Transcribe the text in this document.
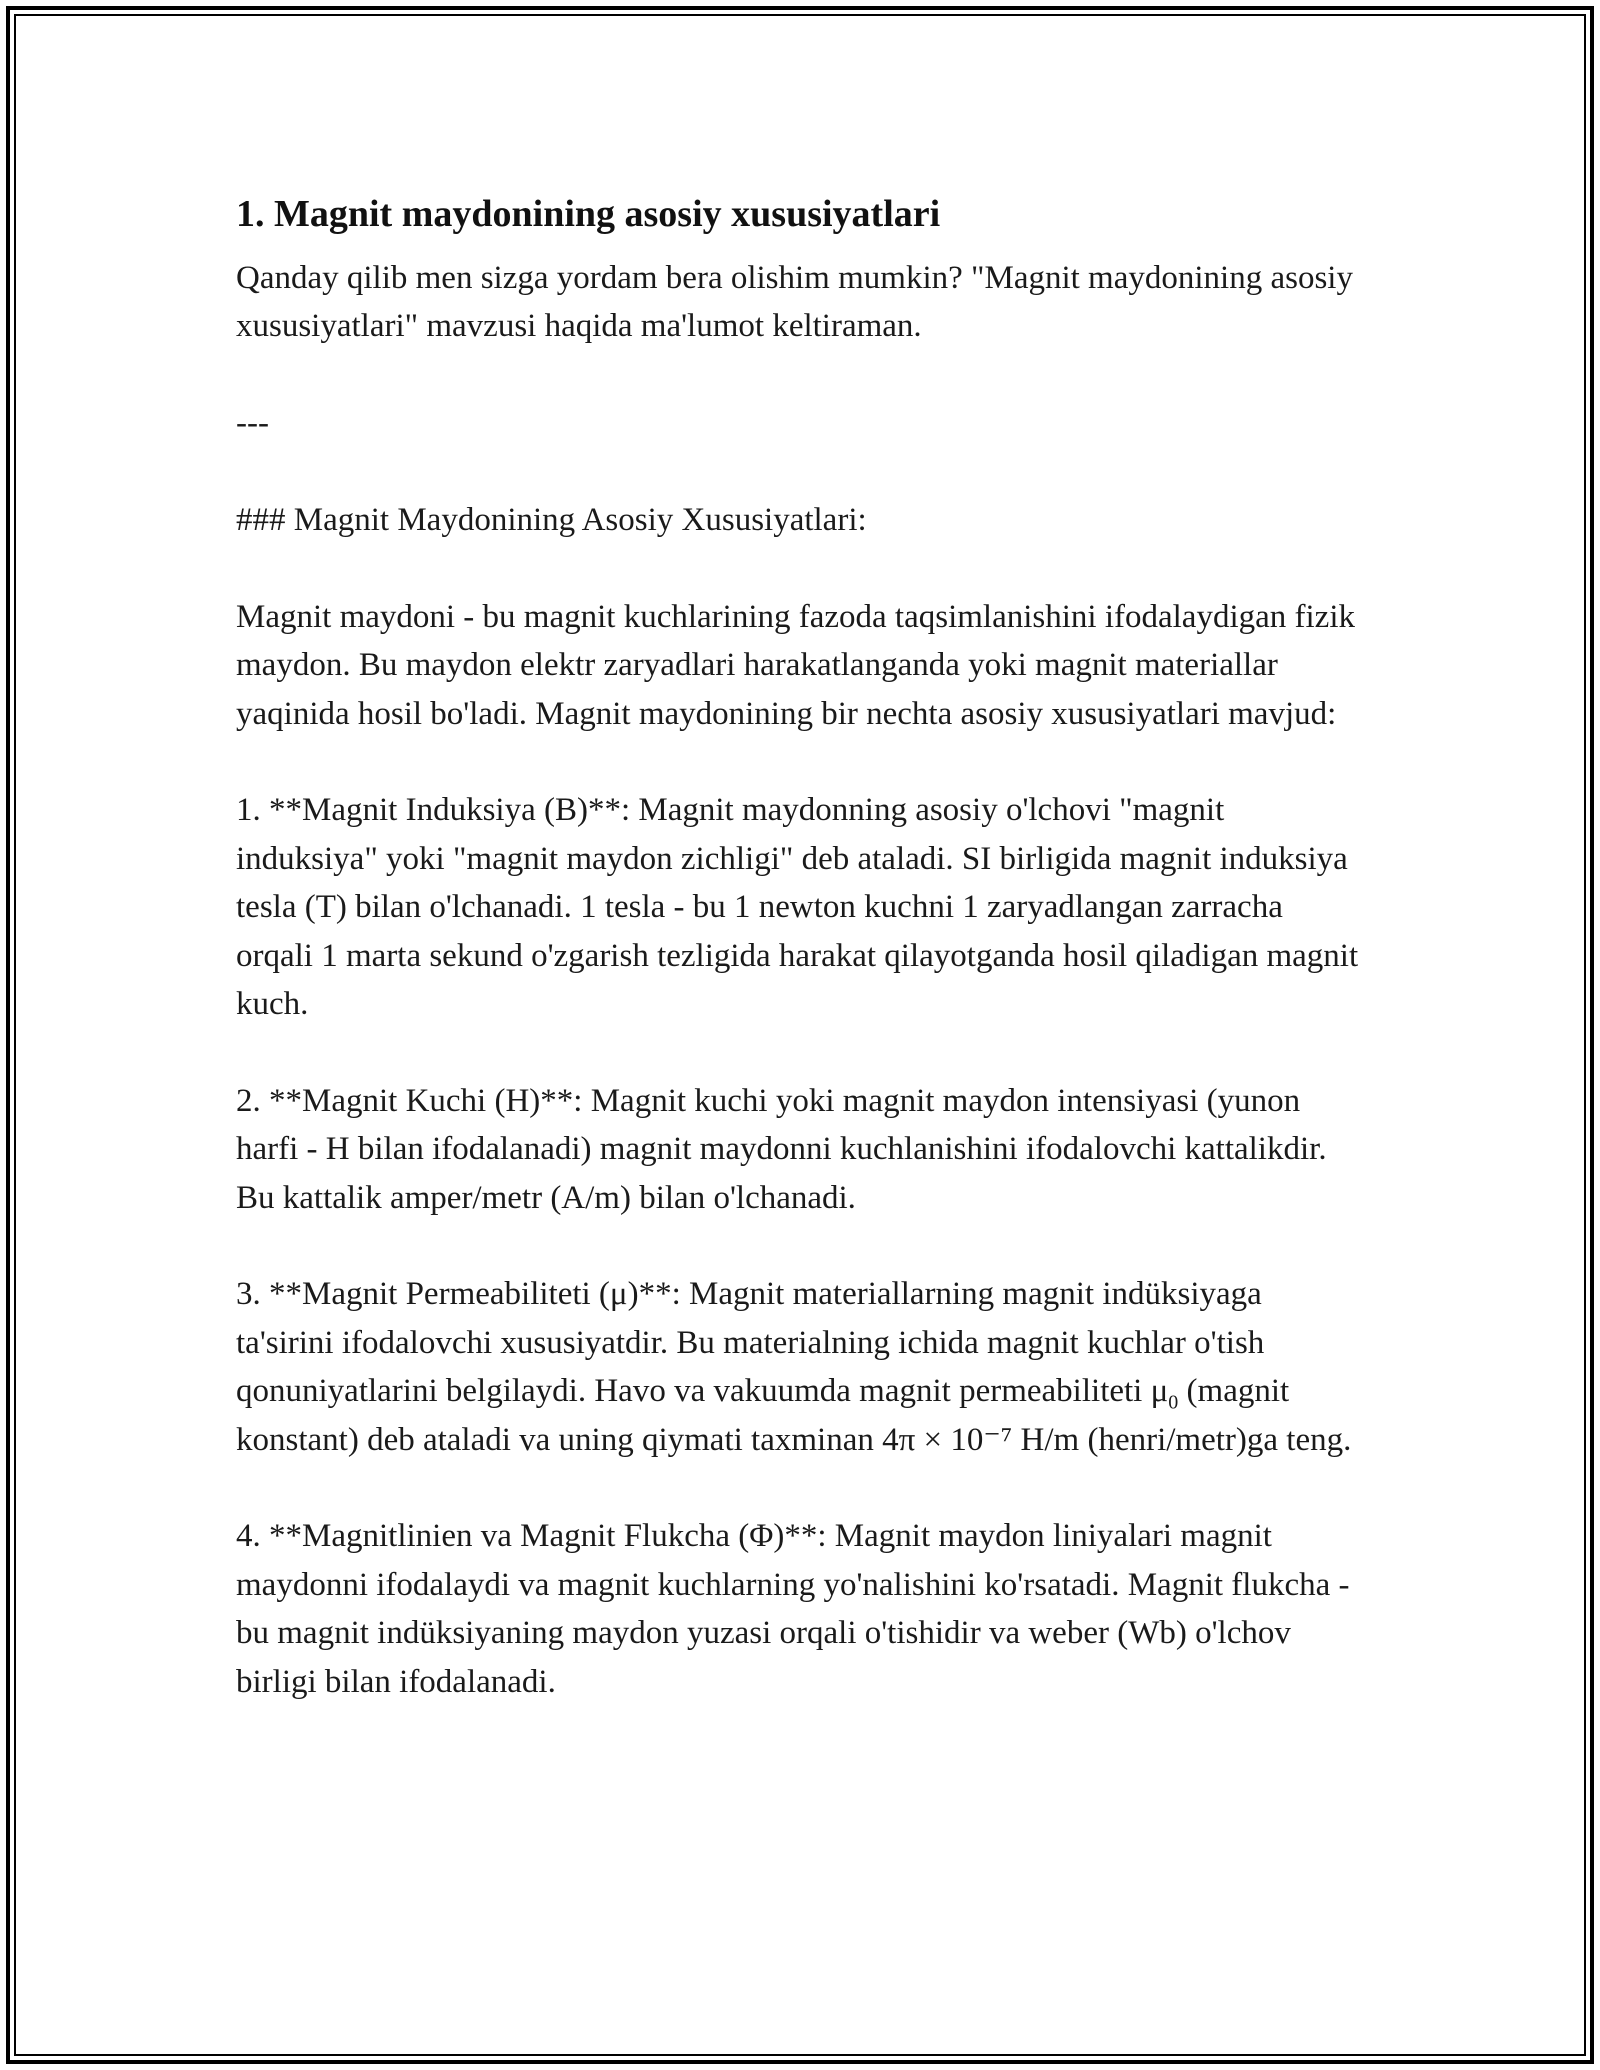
1. Magnit maydonining asosiy xususiyatlari

Qanday qilib men sizga yordam bera olishim mumkin? "Magnit maydonining asosiy xususiyatlari" mavzusi haqida ma'lumot keltiraman.

---

### Magnit Maydonining Asosiy Xususiyatlari:

Magnit maydoni - bu magnit kuchlarining fazoda taqsimlanishini ifodalaydigan fizik maydon. Bu maydon elektr zaryadlari harakatlanganda yoki magnit materiallar yaqinida hosil bo'ladi. Magnit maydonining bir nechta asosiy xususiyatlari mavjud:

1. **Magnit Induksiya (B)**: Magnit maydonning asosiy o'lchovi "magnit induksiya" yoki "magnit maydon zichligi" deb ataladi. SI birligida magnit induksiya tesla (T) bilan o'lchanadi. 1 tesla - bu 1 newton kuchni 1 zaryadlangan zarracha orqali 1 marta sekund o'zgarish tezligida harakat qilayotganda hosil qiladigan magnit kuch.

2. **Magnit Kuchi (H)**: Magnit kuchi yoki magnit maydon intensiyasi (yunon harfi - H bilan ifodalanadi) magnit maydonni kuchlanishini ifodalovchi kattalikdir. Bu kattalik amper/metr (A/m) bilan o'lchanadi.

3. **Magnit Permeabiliteti (μ)**: Magnit materiallarning magnit indüksiyaga ta'sirini ifodalovchi xususiyatdir. Bu materialning ichida magnit kuchlar o'tish qonuniyatlarini belgilaydi. Havo va vakuumda magnit permeabiliteti $\mu_0$ (magnit konstant) deb ataladi va uning qiymati taxminan 4π × 10⁻⁷ H/m (henri/metr)ga teng.

4. **Magnitlinien va Magnit Flukcha (Φ)**: Magnit maydon liniyalari magnit maydonni ifodalaydi va magnit kuchlarning yo'nalishini ko'rsatadi. Magnit flukcha - bu magnit indüksiyaning maydon yuzasi orqali o'tishidir va weber (Wb) o'lchov birligi bilan ifodalanadi.
